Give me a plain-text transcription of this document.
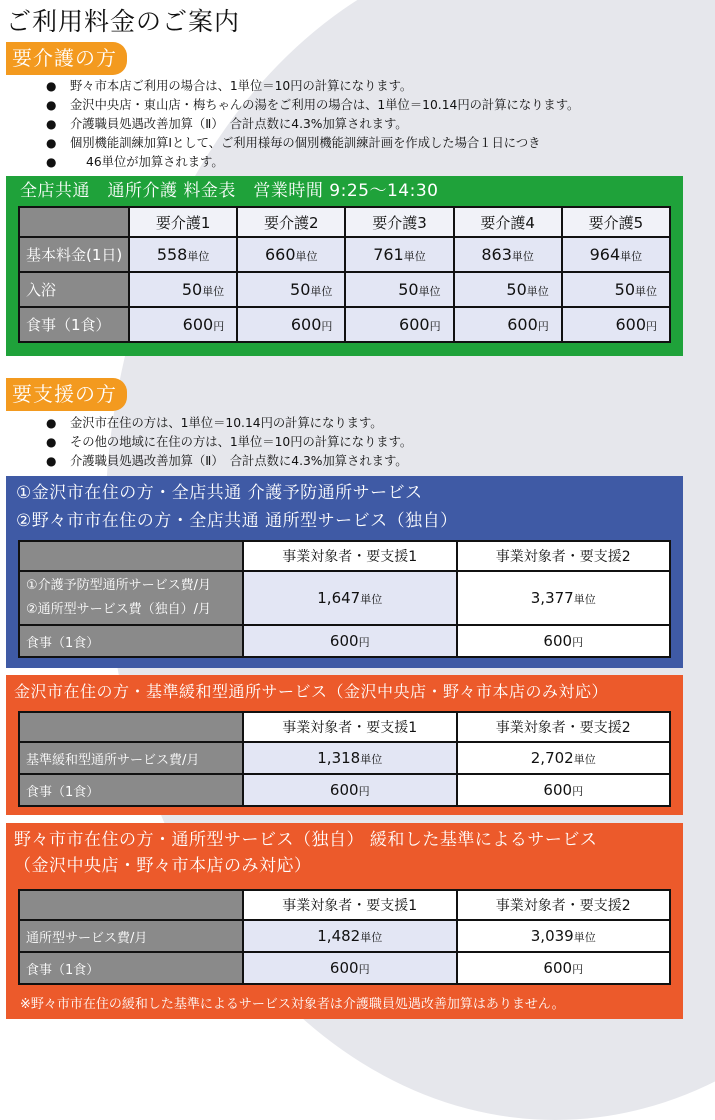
ご利用料金のご案内
要介護の方
● 野々市本店ご利用の場合は、1単位＝10円の計算になります。
● 金沢中央店・東山店・梅ちゃんの湯をご利用の場合は、1単位＝10.14円の計算になります。
● 介護職員処遇改善加算（Ⅱ）　合計点数に4.3%加算されます。
● 個別機能訓練加算Ⅰとして、ご利用様毎の個別機能訓練計画を作成した場合１日につき
● 46単位が加算されます。

全店共通　通所介護 料金表　営業時間 9:25〜14:30

	要介護1	要介護2	要介護3	要介護4	要介護5
基本料金(1日)	558単位	660単位	761単位	863単位	964単位
入浴	50単位	50単位	50単位	50単位	50単位
食事（1食）	600円	600円	600円	600円	600円
要支援の方
● 金沢市在住の方は、1単位＝10.14円の計算になります。
● その他の地域に在住の方は、1単位＝10円の計算になります。
● 介護職員処遇改善加算（Ⅱ）　合計点数に4.3%加算されます。

①金沢市在住の方・全店共通 介護予防通所サービス

②野々市市在住の方・全店共通 通所型サービス（独自）

	事業対象者・要支援1	事業対象者・要支援2

①介護予防型通所サービス費/月
②通所型サービス費（独自）/月	1,647単位	3,377単位
食事（1食）	600円	600円

金沢市在住の方・基準緩和型通所サービス（金沢中央店・野々市本店のみ対応）

	事業対象者・要支援1	事業対象者・要支援2
基準緩和型通所サービス費/月	1,318単位	2,702単位
食事（1食）	600円	600円

野々市市在住の方・通所型サービス（独自） 緩和した基準によるサービス

（金沢中央店・野々市本店のみ対応）

	事業対象者・要支援1	事業対象者・要支援2
通所型サービス費/月	1,482単位	3,039単位
食事（1食）	600円	600円

※野々市市在住の緩和した基準によるサービス対象者は介護職員処遇改善加算はありません。
